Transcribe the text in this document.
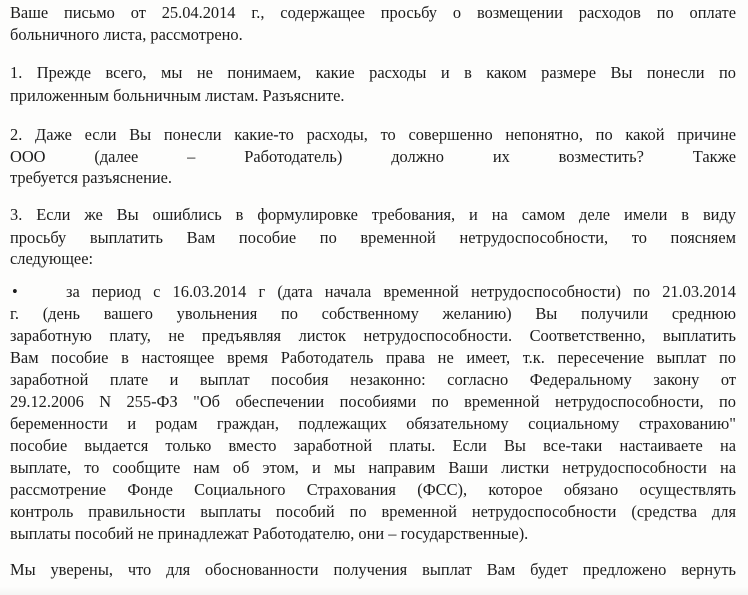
Ваше письмо от 25.04.2014 г., содержащее просьбу о возмещении расходов по оплате

больничного листа, рассмотрено.

1. Прежде всего, мы не понимаем, какие расходы и в каком размере Вы понесли по

приложенным больничным листам. Разъясните.

2. Даже если Вы понесли какие-то расходы, то совершенно непонятно, по какой причине

ООО (далее – Работодатель) должно их возместить? Также

требуется разъяснение.

3. Если же Вы ошиблись в формулировке требования, и на самом деле имели в виду

просьбу выплатить Вам пособие по временной нетрудоспособности, то поясняем

следующее:

•	за период с 16.03.2014 г (дата начала временной нетрудоспособности) по 21.03.2014

г. (день вашего увольнения по собственному желанию) Вы получили среднюю

заработную плату, не предъявляя листок нетрудоспособности. Соответственно, выплатить

Вам пособие в настоящее время Работодатель права не имеет, т.к. пересечение выплат по

заработной плате и выплат пособия незаконно: согласно Федеральному закону от

29.12.2006 N 255-ФЗ "Об обеспечении пособиями по временной нетрудоспособности, по

беременности и родам граждан, подлежащих обязательному социальному страхованию"

пособие выдается только вместо заработной платы. Если Вы все-таки настаиваете на

выплате, то сообщите нам об этом, и мы направим Ваши листки нетрудоспособности на

рассмотрение Фонде Социального Страхования (ФСС), которое обязано осуществлять

контроль правильности выплаты пособий по временной нетрудоспособности (средства для

выплаты пособий не принадлежат Работодателю, они – государственные).

Мы уверены, что для обоснованности получения выплат Вам будет предложено вернуть
